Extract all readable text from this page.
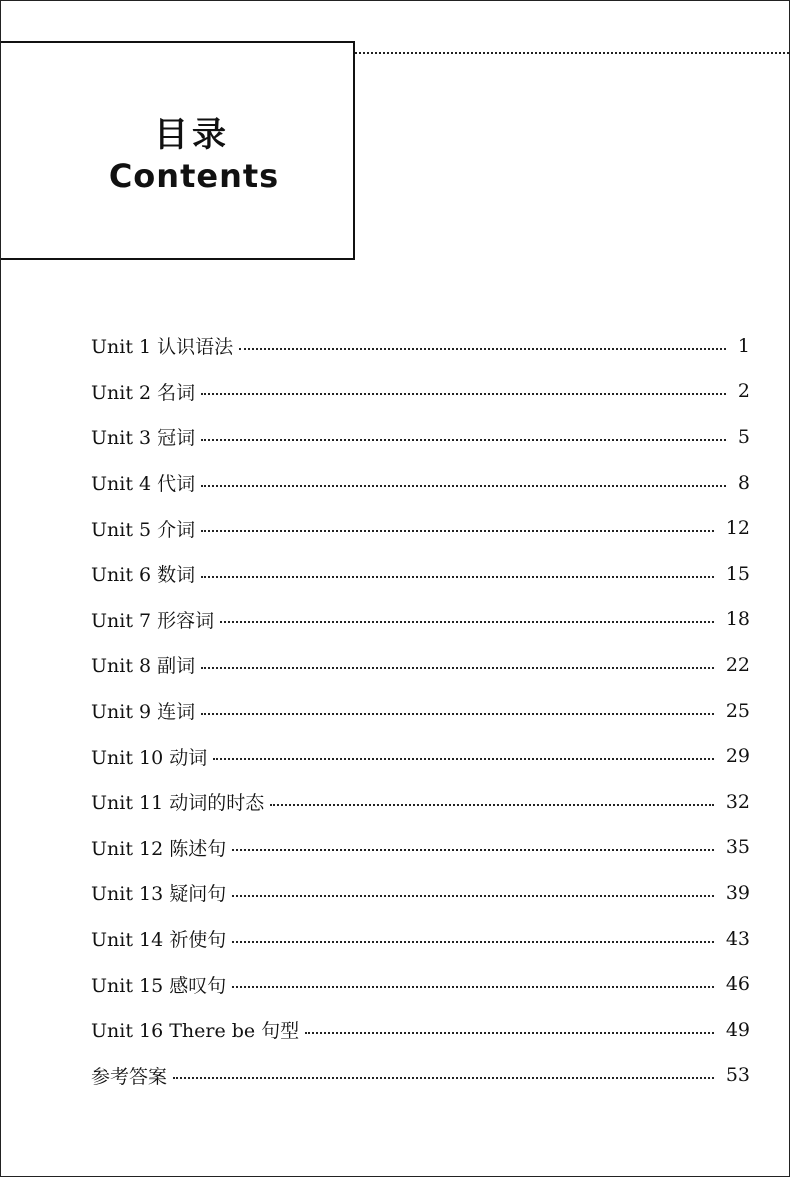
目录
Contents
Unit 1 认识语法	1
Unit 2 名词	2
Unit 3 冠词	5
Unit 4 代词	8
Unit 5 介词	12
Unit 6 数词	15
Unit 7 形容词	18
Unit 8 副词	22
Unit 9 连词	25
Unit 10 动词	29
Unit 11 动词的时态	32
Unit 12 陈述句	35
Unit 13 疑问句	39
Unit 14 祈使句	43
Unit 15 感叹句	46
Unit 16 There be 句型	49
参考答案	53
